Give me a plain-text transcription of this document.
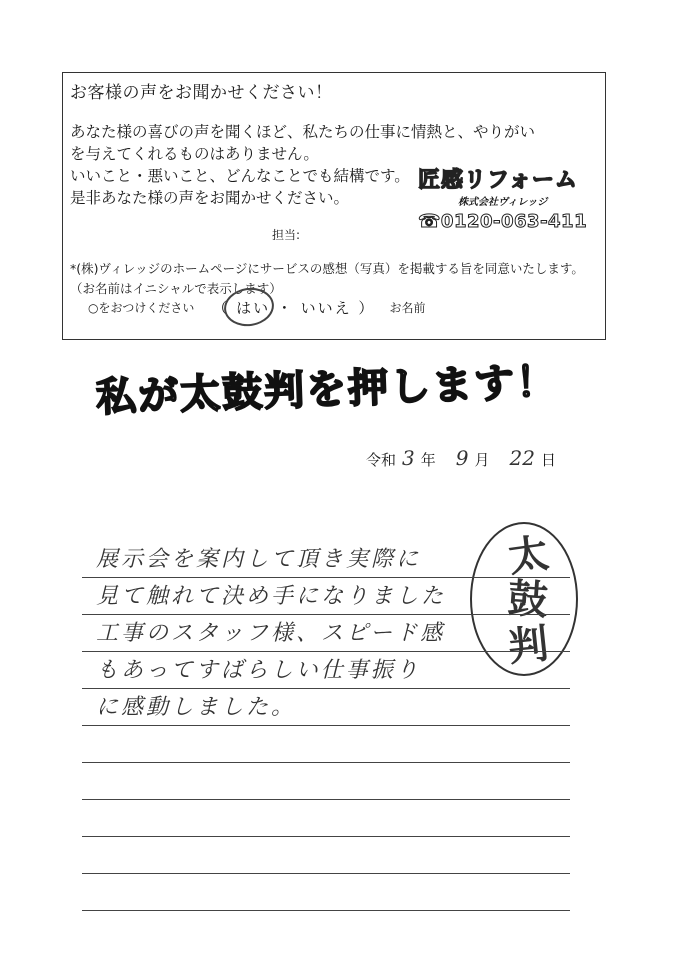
お客様の声をお聞かせください！
あなた様の喜びの声を聞くほど、私たちの仕事に情熱と、やりがい
を与えてくれるものはありません。
いいこと・悪いこと、どんなことでも結構です。
是非あなた様の声をお聞かせください。
匠感リフォーム
株式会社ヴィレッジ
☎0120-063-411
担当:
*(株)ヴィレッジのホームページにサービスの感想（写真）を掲載する旨を同意いたします。（お名前はイニシャルで表示します）
○をおつけください （ はい ・ いいえ ） お名前
私が太鼓判を押します！
令和 3 年 9 月 22 日
太
鼓
判
展示会を案内して頂き実際に
見て触れて決め手になりました
工事のスタッフ様、スピード感
もあってすばらしい仕事振り
に感動しました。
